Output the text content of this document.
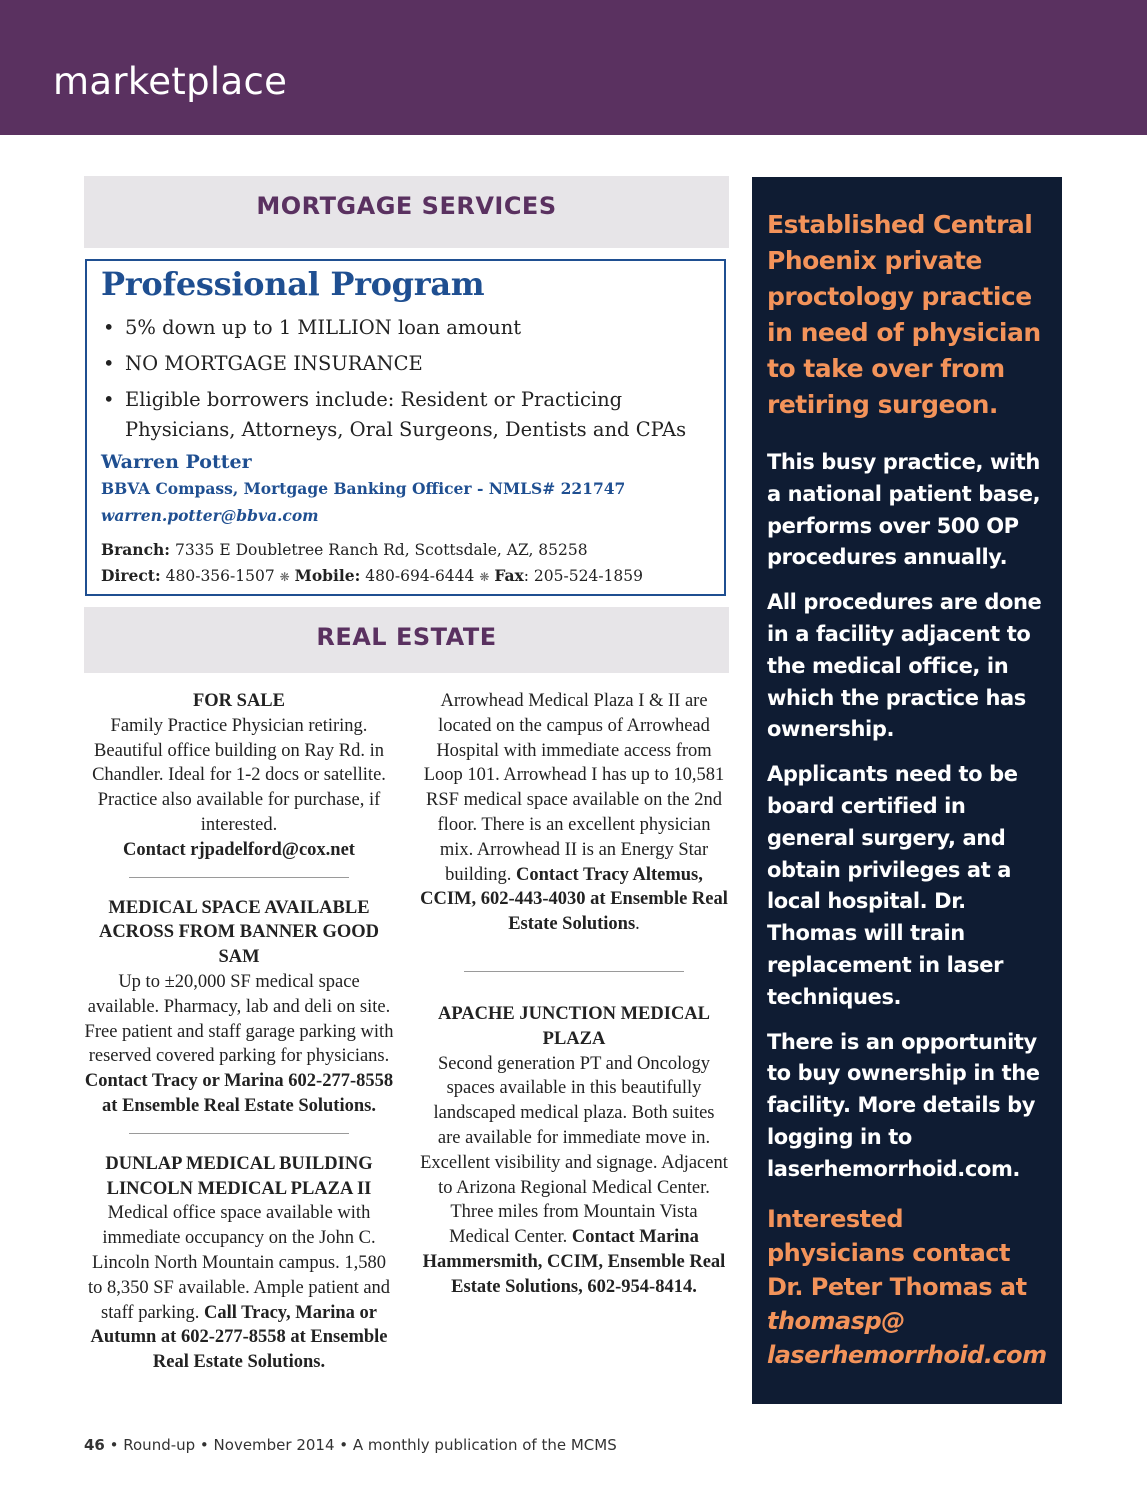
marketplace
MORTGAGE SERVICES
Professional Program
• 5% down up to 1 MILLION loan amount
• NO MORTGAGE INSURANCE
• Eligible borrowers include: Resident or Practicing Physicians, Attorneys, Oral Surgeons, Dentists and CPAs
Warren Potter
BBVA Compass, Mortgage Banking Officer - NMLS# 221747
warren.potter@bbva.com
Branch: 7335 E Doubletree Ranch Rd, Scottsdale, AZ, 85258
Direct: 480-356-1507 ❋ Mobile: 480-694-6444 ❋ Fax: 205-524-1859
REAL ESTATE

FOR SALE

Family Practice Physician retiring. Beautiful office building on Ray Rd. in Chandler. Ideal for 1-2 docs or satellite. Practice also available for purchase, if interested.

Contact rjpadelford@cox.net

MEDICAL SPACE AVAILABLE ACROSS FROM BANNER GOOD SAM

Up to ±20,000 SF medical space available. Pharmacy, lab and deli on site. Free patient and staff garage parking with reserved covered parking for physicians. Contact Tracy or Marina 602-277-8558 at Ensemble Real Estate Solutions.

DUNLAP MEDICAL BUILDING LINCOLN MEDICAL PLAZA II

Medical office space available with immediate occupancy on the John C. Lincoln North Mountain campus. 1,580 to 8,350 SF available. Ample patient and staff parking. Call Tracy, Marina or Autumn at 602-277-8558 at Ensemble Real Estate Solutions.

Arrowhead Medical Plaza I & II are located on the campus of Arrowhead Hospital with immediate access from Loop 101. Arrowhead I has up to 10,581 RSF medical space available on the 2nd floor. There is an excellent physician mix. Arrowhead II is an Energy Star building. Contact Tracy Altemus, CCIM, 602-443-4030 at Ensemble Real Estate Solutions.

APACHE JUNCTION MEDICAL PLAZA

Second generation PT and Oncology spaces available in this beautifully landscaped medical plaza. Both suites are available for immediate move in. Excellent visibility and signage. Adjacent to Arizona Regional Medical Center. Three miles from Mountain Vista Medical Center. Contact Marina Hammersmith, CCIM, Ensemble Real Estate Solutions, 602-954-8414.

Established Central Phoenix private proctology practice in need of physician to take over from retiring surgeon.

This busy practice, with a national patient base, performs over 500 OP procedures annually.

All procedures are done in a facility adjacent to the medical office, in which the practice has ownership.

Applicants need to be board certified in general surgery, and obtain privileges at a local hospital. Dr. Thomas will train replacement in laser techniques.

There is an opportunity to buy ownership in the facility. More details by logging in to laserhemorrhoid.com.

Interested physicians contact
Dr. Peter Thomas at
thomasp@
laserhemorrhoid.com
46 • Round-up • November 2014 • A monthly publication of the MCMS
